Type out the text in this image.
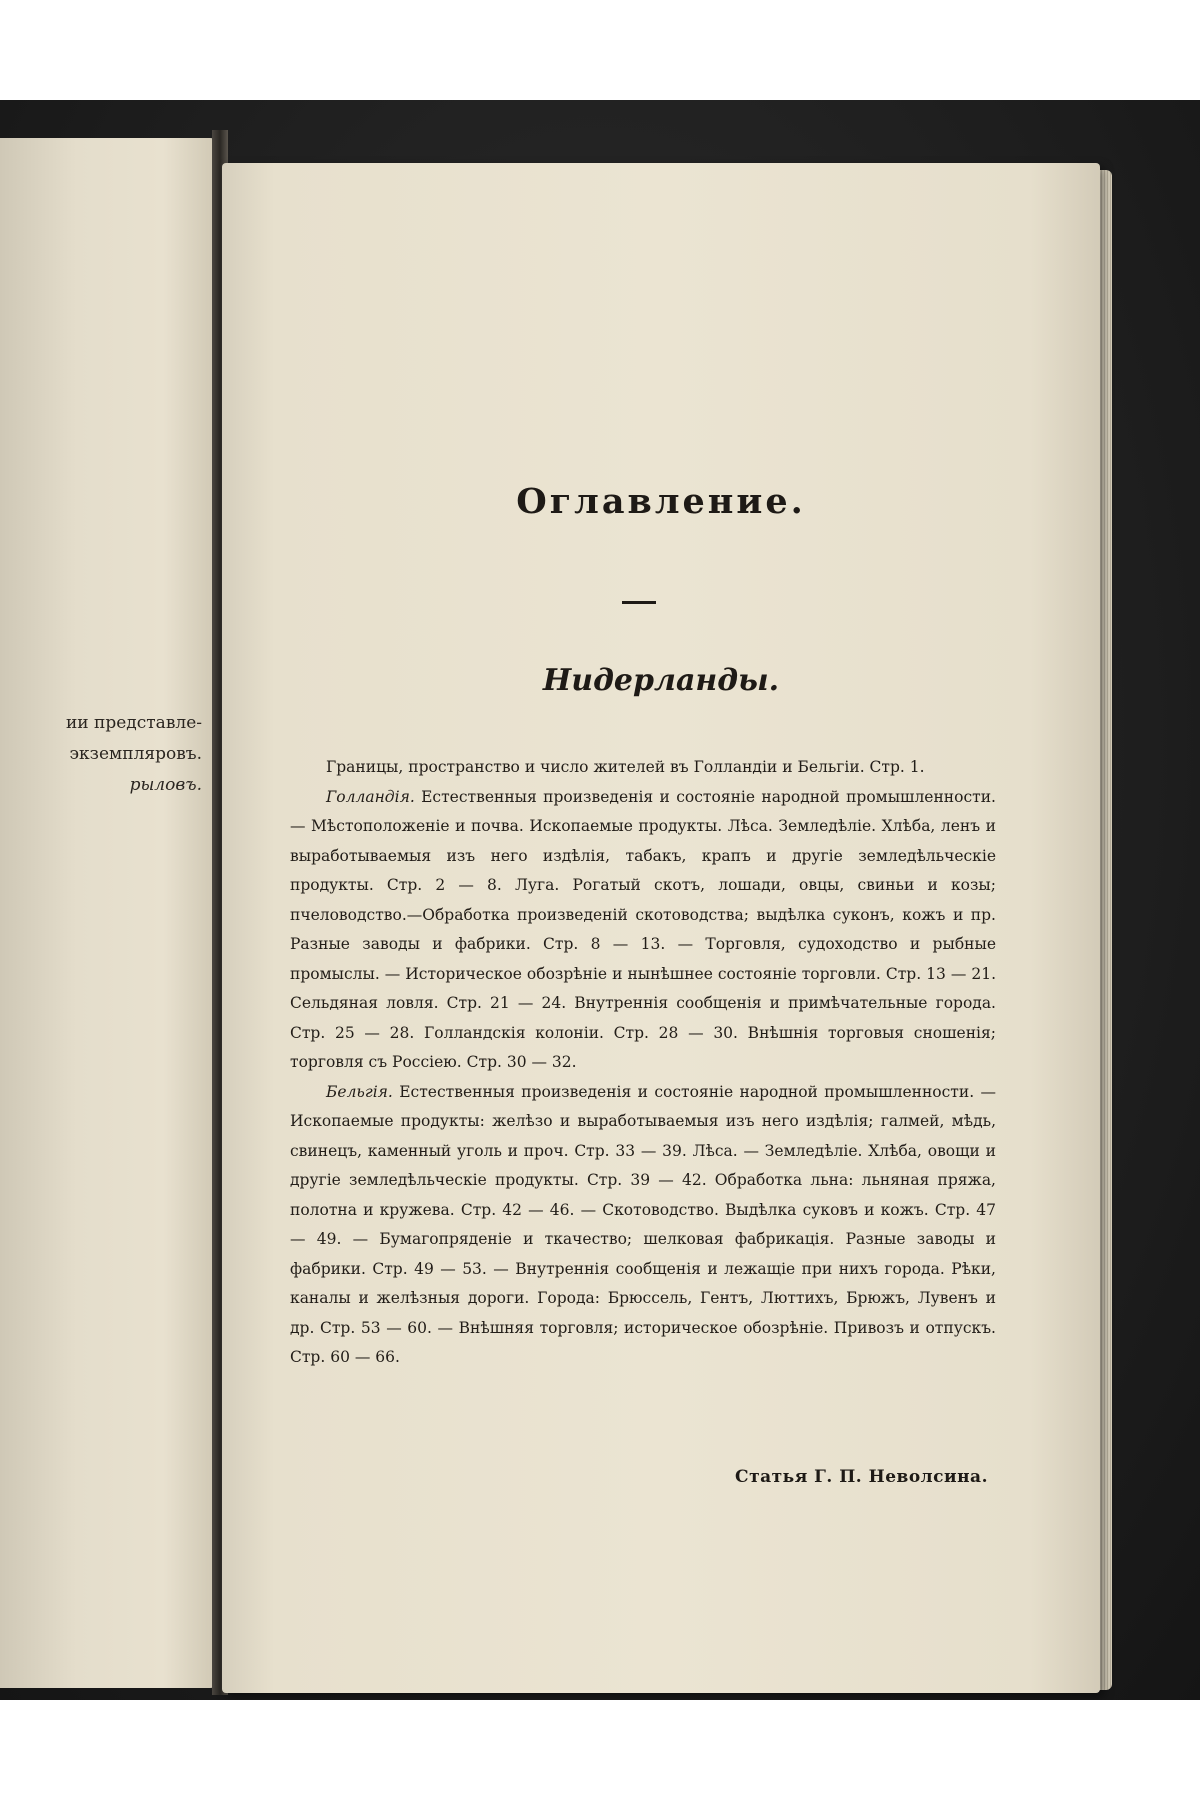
ии представле-
экземпляровъ.
рыловъ.
Оглавление.
Нидерланды.

Границы, пространство и число жителей въ Голландіи и Бельгіи. Стр. 1.

Голландія. Естественныя произведенія и состояніе народной промышленности.— Мѣстоположеніе и почва. Ископаемые продукты. Лѣса. Земледѣліе. Хлѣба, ленъ и выработываемыя изъ него издѣлія, табакъ, крапъ и другіе земледѣльческіе продукты. Стр. 2 — 8. Луга. Рогатый скотъ, лошади, овцы, свиньи и козы; пчеловодство.—Обработка произведеній скотоводства; выдѣлка суконъ, кожъ и пр. Разные заводы и фабрики. Стр. 8 — 13. — Торговля, судоходство и рыбные промыслы. — Историческое обозрѣніе и нынѣшнее состояніе торговли. Стр. 13 — 21. Сельдяная ловля. Стр. 21 — 24. Внутреннія сообщенія и примѣчательные города. Стр. 25 — 28. Голландскія колоніи. Стр. 28 — 30. Внѣшнія торговыя сношенія; торговля съ Россіею. Стр. 30 — 32.

Бельгія. Естественныя произведенія и состояніе народной промышленности. — Ископаемые продукты: желѣзо и выработываемыя изъ него издѣлія; галмей, мѣдь, свинецъ, каменный уголь и проч. Стр. 33 — 39. Лѣса. — Земледѣліе. Хлѣба, овощи и другіе земледѣльческіе продукты. Стр. 39 — 42. Обработка льна: льняная пряжа, полотна и кружева. Стр. 42 — 46. — Скотоводство. Выдѣлка суковъ и кожъ. Стр. 47 — 49. — Бумагопряденіе и ткачество; шелковая фабрикація. Разные заводы и фабрики. Стр. 49 — 53. — Внутреннія сообщенія и лежащіе при нихъ города. Рѣки, каналы и желѣзныя дороги. Города: Брюссель, Гентъ, Люттихъ, Брюжъ, Лувенъ и др. Стр. 53 — 60. — Внѣшняя торговля; историческое обозрѣніе. Привозъ и отпускъ. Стр. 60 — 66.

Статья Г. П. Неволсина.
